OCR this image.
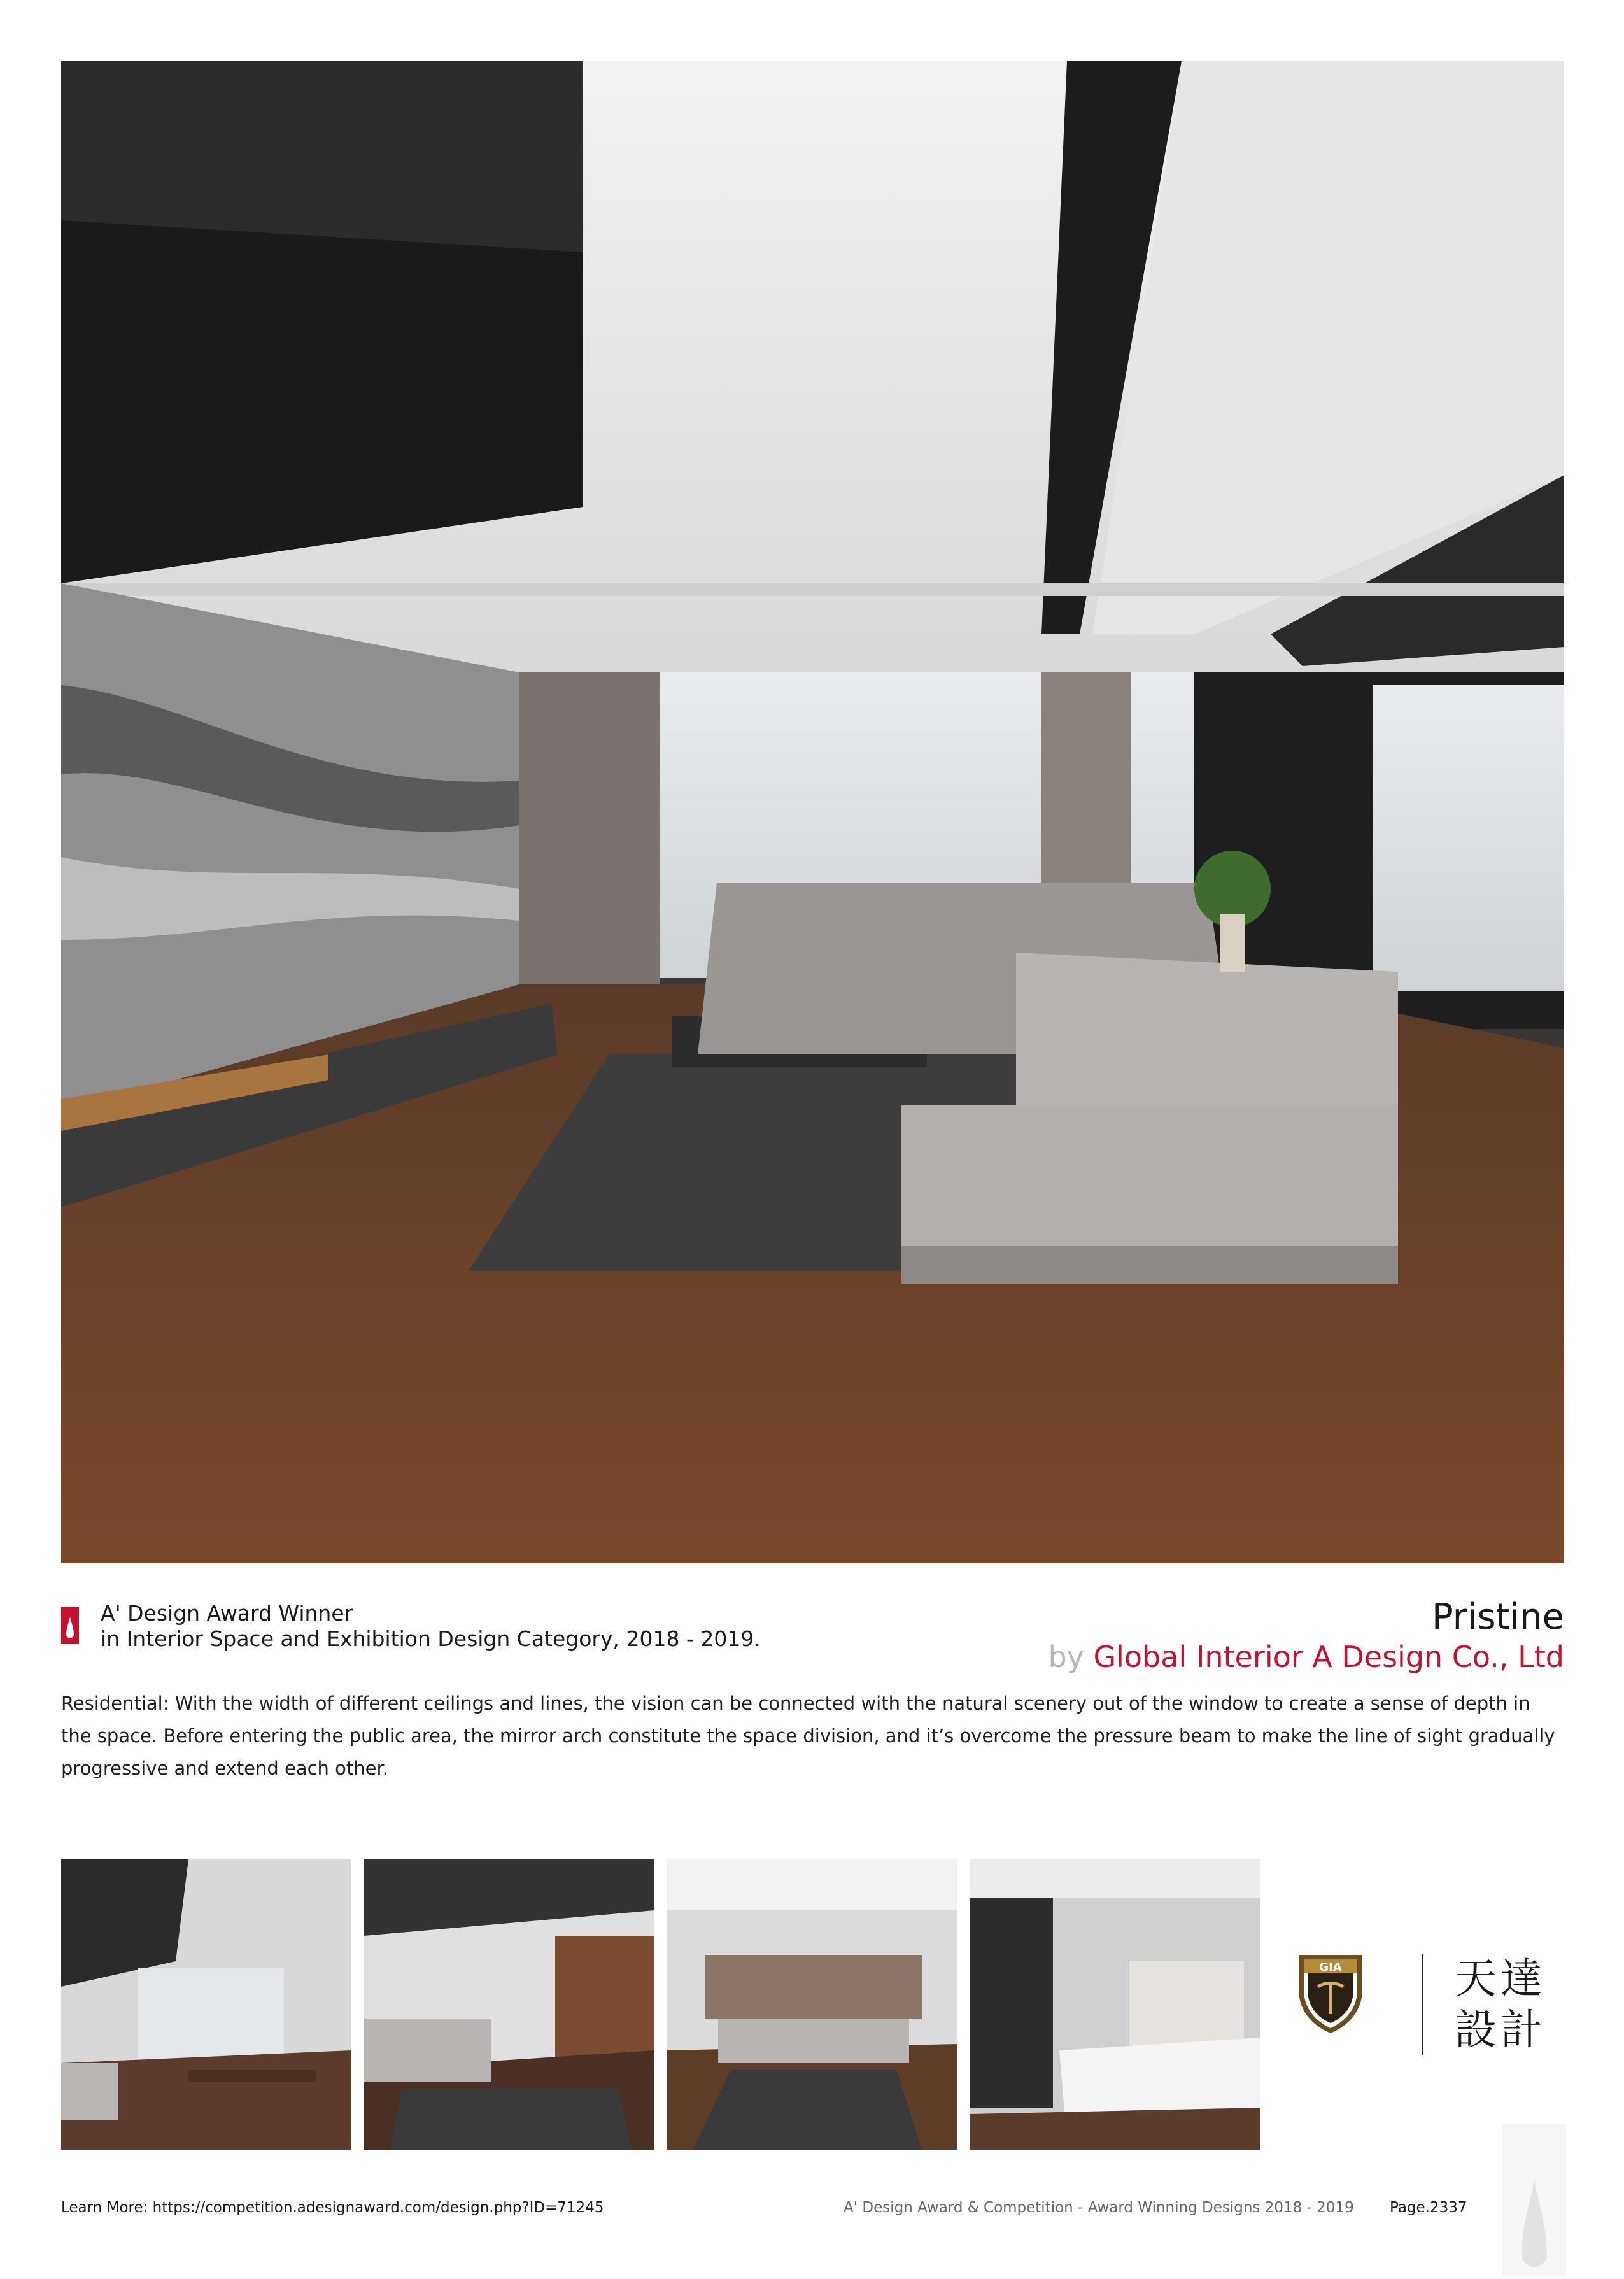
A' Design Award Winner
in Interior Space and Exhibition Design Category, 2018 - 2019.
Pristine
by Global Interior A Design Co., Ltd
Residential: With the width of different ceilings and lines, the vision can be connected with the natural scenery out of the window to create a sense of depth in the space. Before entering the public area, the mirror arch constitute the space division, and it’s overcome the pressure beam to make the line of sight gradually progressive and extend each other.
GIA	天達
設計
Learn More: https://competition.adesignaward.com/design.php?ID=71245	A' Design Award & Competition - Award Winning Designs 2018 - 2019 Page.2337
